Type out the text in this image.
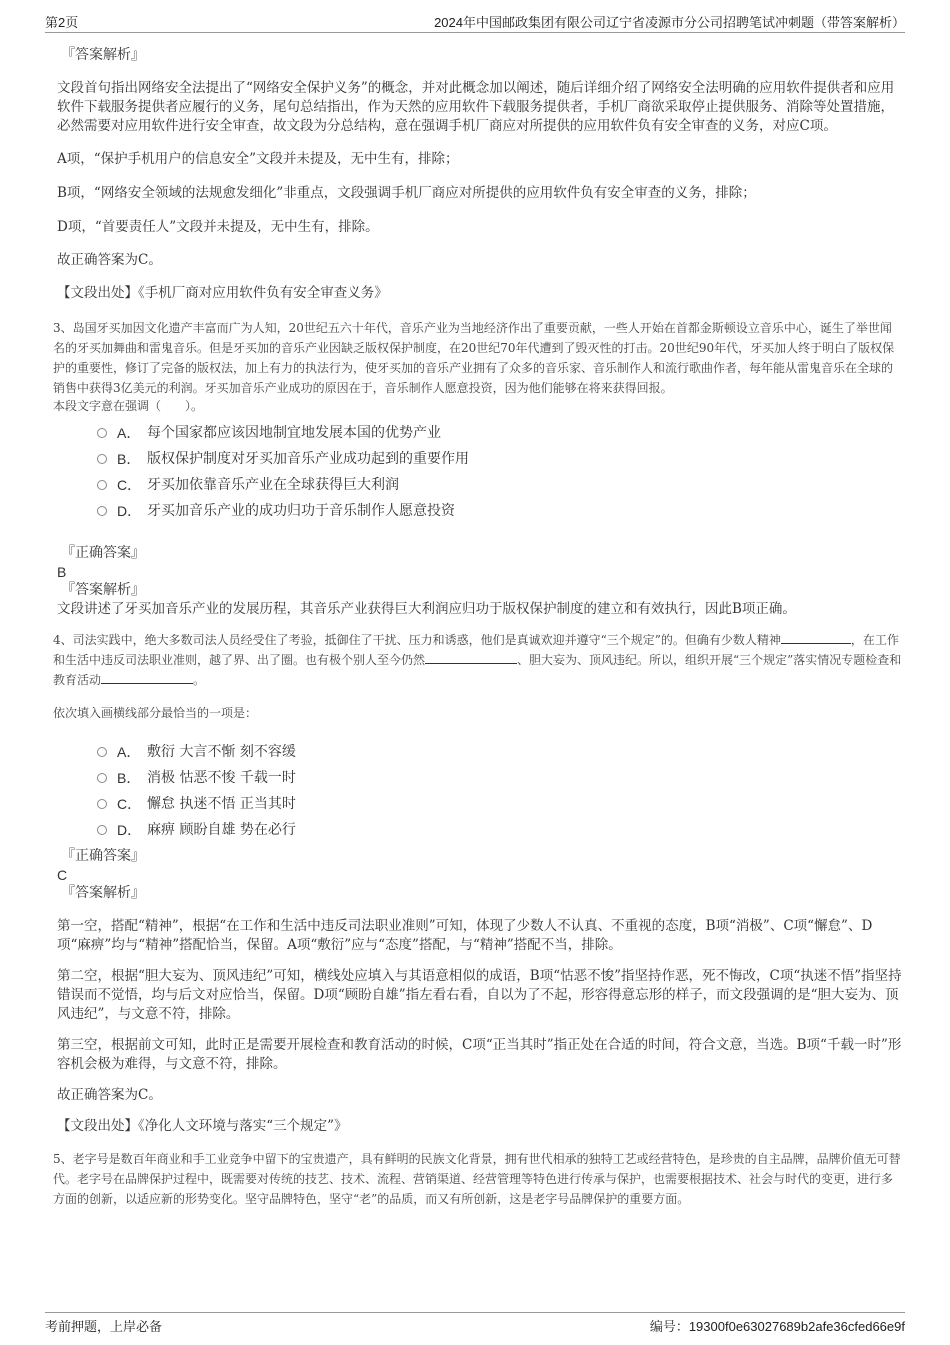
第2页	2024年中国邮政集团有限公司辽宁省凌源市分公司招聘笔试冲刺题（带答案解析）

『答案解析』

文段首句指出网络安全法提出了“网络安全保护义务”的概念，并对此概念加以阐述，随后详细介绍了网络安全法明确的应用软件提供者和应用软件下载服务提供者应履行的义务，尾句总结指出，作为天然的应用软件下载服务提供者，手机厂商欲采取停止提供服务、消除等处置措施，必然需要对应用软件进行安全审查，故文段为分总结构，意在强调手机厂商应对所提供的应用软件负有安全审查的义务，对应C项。

A项，“保护手机用户的信息安全”文段并未提及，无中生有，排除；

B项，“网络安全领域的法规愈发细化”非重点，文段强调手机厂商应对所提供的应用软件负有安全审查的义务，排除；

D项，“首要责任人”文段并未提及，无中生有，排除。

故正确答案为C。

【文段出处】《手机厂商对应用软件负有安全审查义务》

3、岛国牙买加因文化遗产丰富而广为人知，20世纪五六十年代，音乐产业为当地经济作出了重要贡献，一些人开始在首都金斯顿设立音乐中心，诞生了举世闻名的牙买加舞曲和雷鬼音乐。但是牙买加的音乐产业因缺乏版权保护制度，在20世纪70年代遭到了毁灭性的打击。20世纪90年代，牙买加人终于明白了版权保护的重要性，修订了完备的版权法，加上有力的执法行为，使牙买加的音乐产业拥有了众多的音乐家、音乐制作人和流行歌曲作者，每年能从雷鬼音乐在全球的销售中获得3亿美元的利润。牙买加音乐产业成功的原因在于，音乐制作人愿意投资，因为他们能够在将来获得回报。

本段文字意在强调（　　）。

A． 每个国家都应该因地制宜地发展本国的优势产业
B． 版权保护制度对牙买加音乐产业成功起到的重要作用
C． 牙买加依靠音乐产业在全球获得巨大利润
D． 牙买加音乐产业的成功归功于音乐制作人愿意投资

『正确答案』

B

『答案解析』

文段讲述了牙买加音乐产业的发展历程，其音乐产业获得巨大利润应归功于版权保护制度的建立和有效执行，因此B项正确。

4、司法实践中，绝大多数司法人员经受住了考验，抵御住了干扰、压力和诱惑，他们是真诚欢迎并遵守“三个规定”的。但确有少数人精神	，在工作和生活中违反司法职业准则，越了界、出了圈。也有极个别人至今仍然	、胆大妄为、顶风违纪。所以，组织开展“三个规定”落实情况专题检查和教育活动	。

依次填入画横线部分最恰当的一项是：

A． 敷衍 大言不惭 刻不容缓
B． 消极 怙恶不悛 千载一时
C． 懈怠 执迷不悟 正当其时
D． 麻痹 顾盼自雄 势在必行

『正确答案』

C

『答案解析』

第一空，搭配“精神”，根据“在工作和生活中违反司法职业准则”可知，体现了少数人不认真、不重视的态度，B项“消极”、C项“懈怠”、D项“麻痹”均与“精神”搭配恰当，保留。A项“敷衍”应与“态度”搭配，与“精神”搭配不当，排除。

第二空，根据“胆大妄为、顶风违纪”可知，横线处应填入与其语意相似的成语，B项“怙恶不悛”指坚持作恶，死不悔改，C项“执迷不悟”指坚持错误而不觉悟，均与后文对应恰当，保留。D项“顾盼自雄”指左看右看，自以为了不起，形容得意忘形的样子，而文段强调的是“胆大妄为、顶风违纪”，与文意不符，排除。

第三空，根据前文可知，此时正是需要开展检查和教育活动的时候，C项“正当其时”指正处在合适的时间，符合文意，当选。B项“千载一时”形容机会极为难得，与文意不符，排除。

故正确答案为C。

【文段出处】《净化人文环境与落实“三个规定”》

5、老字号是数百年商业和手工业竞争中留下的宝贵遗产，具有鲜明的民族文化背景，拥有世代相承的独特工艺或经营特色，是珍贵的自主品牌，品牌价值无可替代。老字号在品牌保护过程中，既需要对传统的技艺、技术、流程、营销渠道、经营管理等特色进行传承与保护，也需要根据技术、社会与时代的变更，进行多方面的创新，以适应新的形势变化。坚守品牌特色，坚守“老”的品质，而又有所创新，这是老字号品牌保护的重要方面。

考前押题，上岸必备	编号：19300f0e63027689b2afe36cfed66e9f
